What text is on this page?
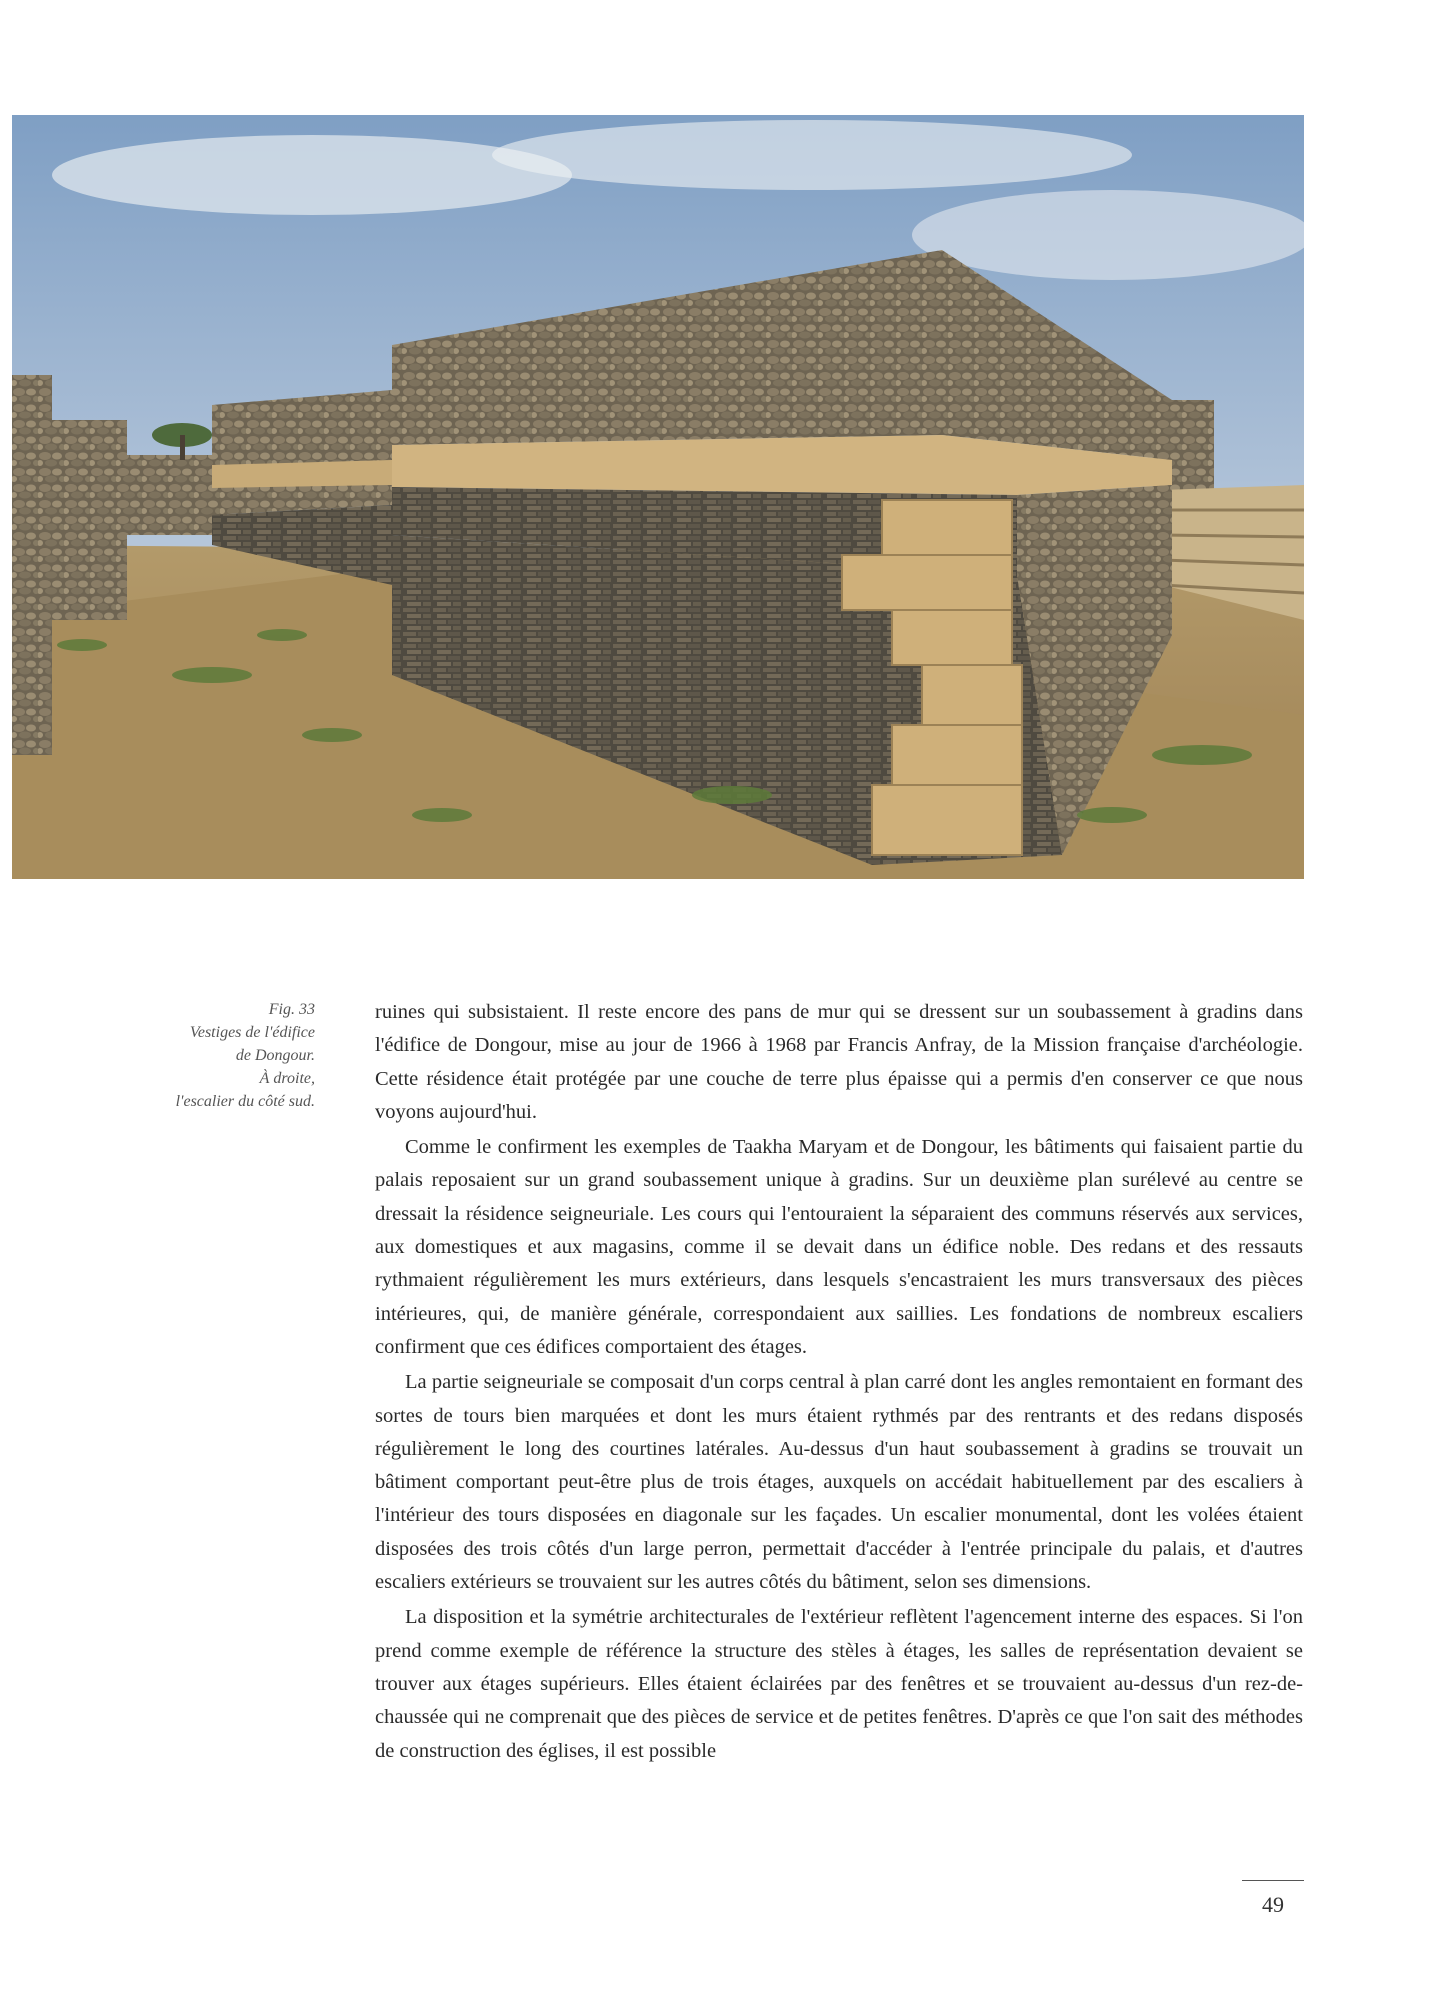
Fig. 33
Vestiges de l'édifice
de Dongour.
À droite,
l'escalier du côté sud.

ruines qui subsistaient. Il reste encore des pans de mur qui se dressent sur un soubassement à gradins dans l'édifice de Dongour, mise au jour de 1966 à 1968 par Francis Anfray, de la Mission française d'archéologie. Cette résidence était protégée par une couche de terre plus épaisse qui a permis d'en conserver ce que nous voyons aujourd'hui.

Comme le confirment les exemples de Taakha Maryam et de Dongour, les bâtiments qui faisaient partie du palais reposaient sur un grand soubassement unique à gradins. Sur un deuxième plan surélevé au centre se dressait la résidence seigneuriale. Les cours qui l'entouraient la séparaient des communs réservés aux services, aux domestiques et aux magasins, comme il se devait dans un édifice noble. Des redans et des ressauts rythmaient régulièrement les murs extérieurs, dans lesquels s'encastraient les murs transversaux des pièces intérieures, qui, de manière générale, correspondaient aux saillies. Les fondations de nombreux escaliers confirment que ces édifices comportaient des étages.

La partie seigneuriale se composait d'un corps central à plan carré dont les angles remontaient en formant des sortes de tours bien marquées et dont les murs étaient rythmés par des rentrants et des redans disposés régulièrement le long des courtines latérales. Au-dessus d'un haut soubassement à gradins se trouvait un bâtiment comportant peut-être plus de trois étages, auxquels on accédait habituellement par des escaliers à l'intérieur des tours disposées en diagonale sur les façades. Un escalier monumental, dont les volées étaient disposées des trois côtés d'un large perron, permettait d'accéder à l'entrée principale du palais, et d'autres escaliers extérieurs se trouvaient sur les autres côtés du bâtiment, selon ses dimensions.

La disposition et la symétrie architecturales de l'extérieur reflètent l'agencement interne des espaces. Si l'on prend comme exemple de référence la structure des stèles à étages, les salles de représentation devaient se trouver aux étages supérieurs. Elles étaient éclairées par des fenêtres et se trouvaient au-dessus d'un rez-de-chaussée qui ne comprenait que des pièces de service et de petites fenêtres. D'après ce que l'on sait des méthodes de construction des églises, il est possible

49
